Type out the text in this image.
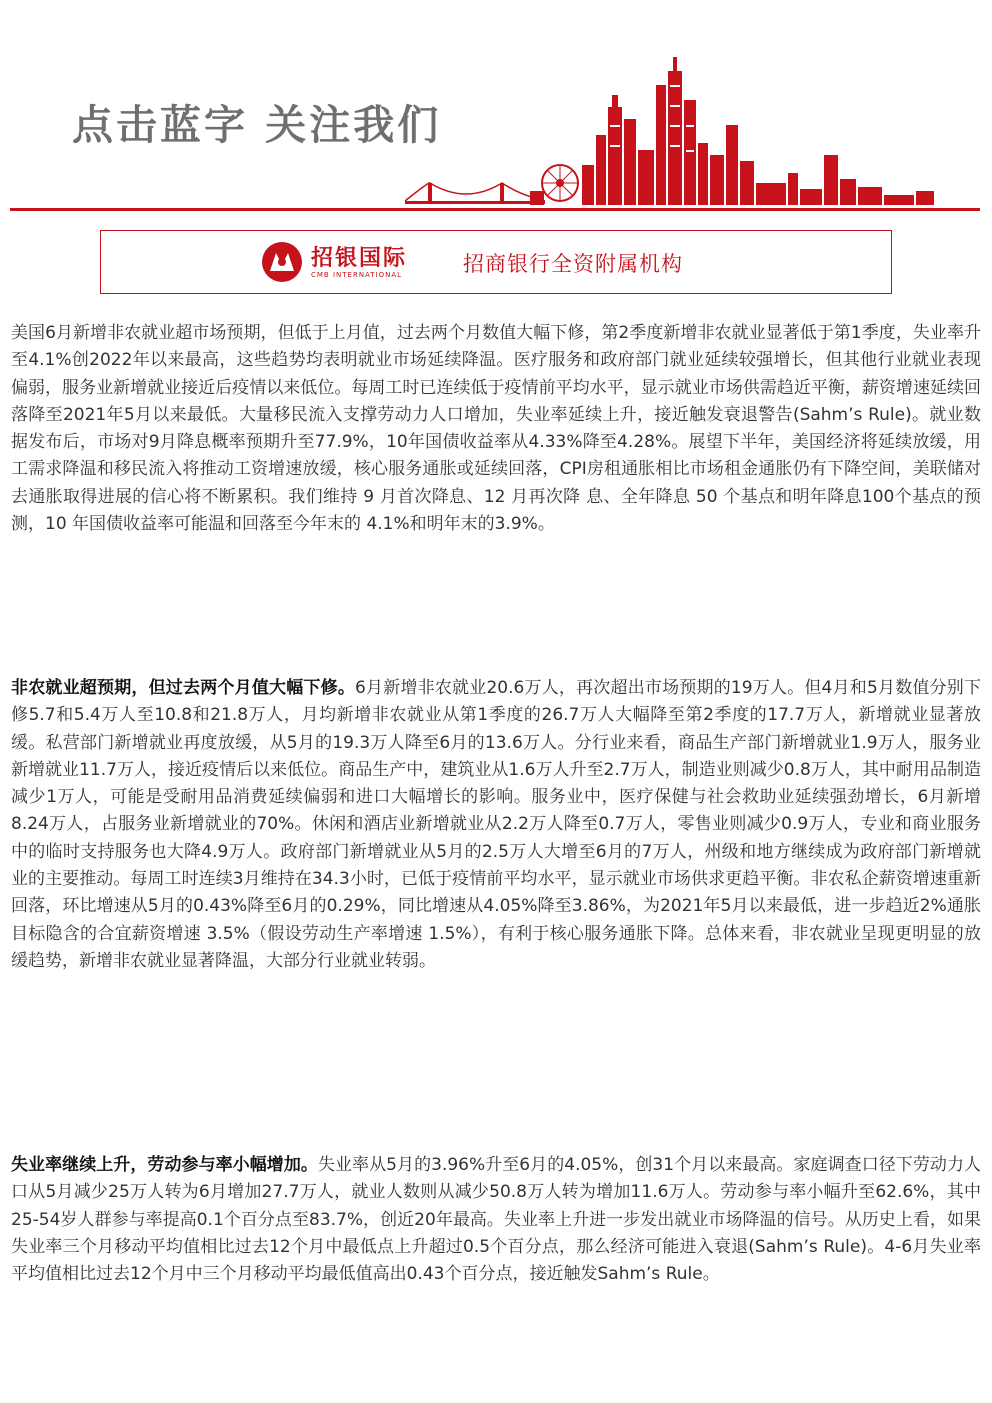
点击蓝字 关注我们
招银国际
CMB INTERNATIONAL	招商银行全资附属机构

美国6月新增非农就业超市场预期，但低于上月值，过去两个月数值大幅下修，第2季度新增非农就业显著低于第1季度，失业率升至4.1%创2022年以来最高，这些趋势均表明就业市场延续降温。医疗服务和政府部门就业延续较强增长，但其他行业就业表现偏弱，服务业新增就业接近后疫情以来低位。每周工时已连续低于疫情前平均水平，显示就业市场供需趋近平衡，薪资增速延续回落降至2021年5月以来最低。大量移民流入支撑劳动力人口增加，失业率延续上升，接近触发衰退警告(Sahm’s Rule)。就业数据发布后，市场对9月降息概率预期升至77.9%，10年国债收益率从4.33%降至4.28%。展望下半年，美国经济将延续放缓，用工需求降温和移民流入将推动工资增速放缓，核心服务通胀或延续回落，CPI房租通胀相比市场租金通胀仍有下降空间，美联储对去通胀取得进展的信心将不断累积。我们维持 9 月首次降息、12 月再次降 息、全年降息 50 个基点和明年降息100个基点的预测，10 年国债收益率可能温和回落至今年末的 4.1%和明年末的3.9%。

非农就业超预期，但过去两个月值大幅下修。6月新增非农就业20.6万人，再次超出市场预期的19万人。但4月和5月数值分别下修5.7和5.4万人至10.8和21.8万人，月均新增非农就业从第1季度的26.7万人大幅降至第2季度的17.7万人，新增就业显著放缓。私营部门新增就业再度放缓，从5月的19.3万人降至6月的13.6万人。分行业来看，商品生产部门新增就业1.9万人，服务业新增就业11.7万人，接近疫情后以来低位。商品生产中，建筑业从1.6万人升至2.7万人，制造业则减少0.8万人，其中耐用品制造减少1万人，可能是受耐用品消费延续偏弱和进口大幅增长的影响。服务业中，医疗保健与社会救助业延续强劲增长，6月新增8.24万人，占服务业新增就业的70%。休闲和酒店业新增就业从2.2万人降至0.7万人，零售业则减少0.9万人，专业和商业服务中的临时支持服务也大降4.9万人。政府部门新增就业从5月的2.5万人大增至6月的7万人，州级和地方继续成为政府部门新增就业的主要推动。每周工时连续3月维持在34.3小时，已低于疫情前平均水平，显示就业市场供求更趋平衡。非农私企薪资增速重新回落，环比增速从5月的0.43%降至6月的0.29%，同比增速从4.05%降至3.86%，为2021年5月以来最低，进一步趋近2%通胀目标隐含的合宜薪资增速 3.5%（假设劳动生产率增速 1.5%），有利于核心服务通胀下降。总体来看，非农就业呈现更明显的放缓趋势，新增非农就业显著降温，大部分行业就业转弱。

失业率继续上升，劳动参与率小幅增加。失业率从5月的3.96%升至6月的4.05%，创31个月以来最高。家庭调查口径下劳动力人口从5月减少25万人转为6月增加27.7万人，就业人数则从减少50.8万人转为增加11.6万人。劳动参与率小幅升至62.6%，其中25-54岁人群参与率提高0.1个百分点至83.7%，创近20年最高。失业率上升进一步发出就业市场降温的信号。从历史上看，如果失业率三个月移动平均值相比过去12个月中最低点上升超过0.5个百分点，那么经济可能进入衰退(Sahm’s Rule)。4-6月失业率平均值相比过去12个月中三个月移动平均最低值高出0.43个百分点，接近触发Sahm’s Rule。
